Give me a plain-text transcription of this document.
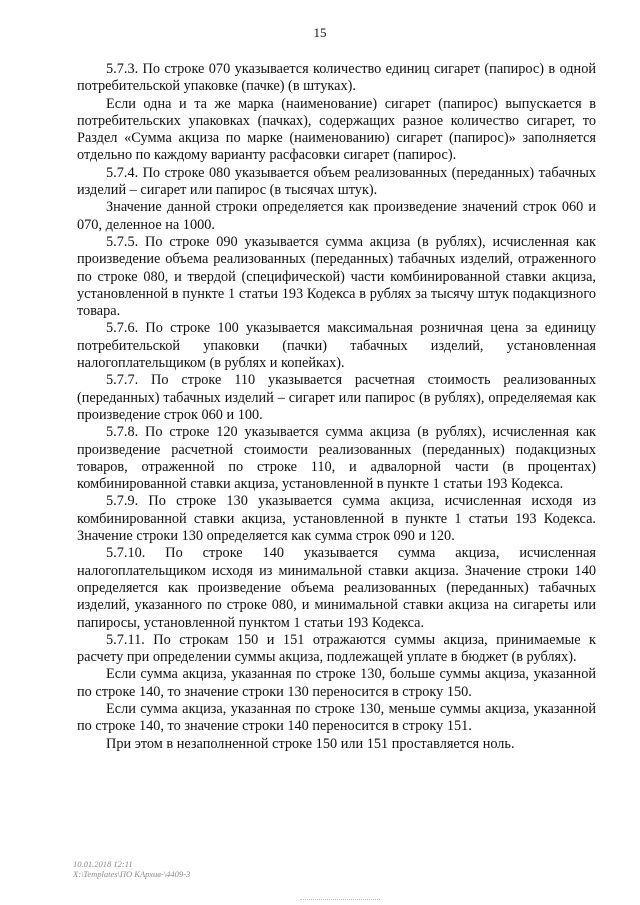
15

5.7.3. По строке 070 указывается количество единиц сигарет (папирос) в одной потребительской упаковке (пачке) (в штуках).

Если одна и та же марка (наименование) сигарет (папирос) выпускается в потребительских упаковках (пачках), содержащих разное количество сигарет, то Раздел «Сумма акциза по марке (наименованию) сигарет (папирос)» заполняется отдельно по каждому варианту расфасовки сигарет (папирос).

5.7.4. По строке 080 указывается объем реализованных (переданных) табачных изделий – сигарет или папирос (в тысячах штук).

Значение данной строки определяется как произведение значений строк 060 и 070, деленное на 1000.

5.7.5. По строке 090 указывается сумма акциза (в рублях), исчисленная как произведение объема реализованных (переданных) табачных изделий, отраженного по строке 080, и твердой (специфической) части комбинированной ставки акциза, установленной в пункте 1 статьи 193 Кодекса в рублях за тысячу штук подакцизного товара.

5.7.6. По строке 100 указывается максимальная розничная цена за единицу потребительской упаковки (пачки) табачных изделий, установленная налогоплательщиком (в рублях и копейках).

5.7.7. По строке 110 указывается расчетная стоимость реализованных (переданных) табачных изделий – сигарет или папирос (в рублях), определяемая как произведение строк 060 и 100.

5.7.8. По строке 120 указывается сумма акциза (в рублях), исчисленная как произведение расчетной стоимости реализованных (переданных) подакцизных товаров, отраженной по строке 110, и адвалорной части (в процентах) комбинированной ставки акциза, установленной в пункте 1 статьи 193 Кодекса.

5.7.9. По строке 130 указывается сумма акциза, исчисленная исходя из комбинированной ставки акциза, установленной в пункте 1 статьи 193 Кодекса. Значение строки 130 определяется как сумма строк 090 и 120.

5.7.10. По строке 140 указывается сумма акциза, исчисленная налогоплательщиком исходя из минимальной ставки акциза. Значение строки 140 определяется как произведение объема реализованных (переданных) табачных изделий, указанного по строке 080, и минимальной ставки акциза на сигареты или папиросы, установленной пунктом 1 статьи 193 Кодекса.

5.7.11. По строкам 150 и 151 отражаются суммы акциза, принимаемые к расчету при определении суммы акциза, подлежащей уплате в бюджет (в рублях).

Если сумма акциза, указанная по строке 130, больше суммы акциза, указанной по строке 140, то значение строки 130 переносится в строку 150.

Если сумма акциза, указанная по строке 130, меньше суммы акциза, указанной по строке 140, то значение строки 140 переносится в строку 151.

При этом в незаполненной строке 150 или 151 проставляется ноль.

10.01.2018 12:11
X:\Templates\ПО КАрхив-\4409-3
